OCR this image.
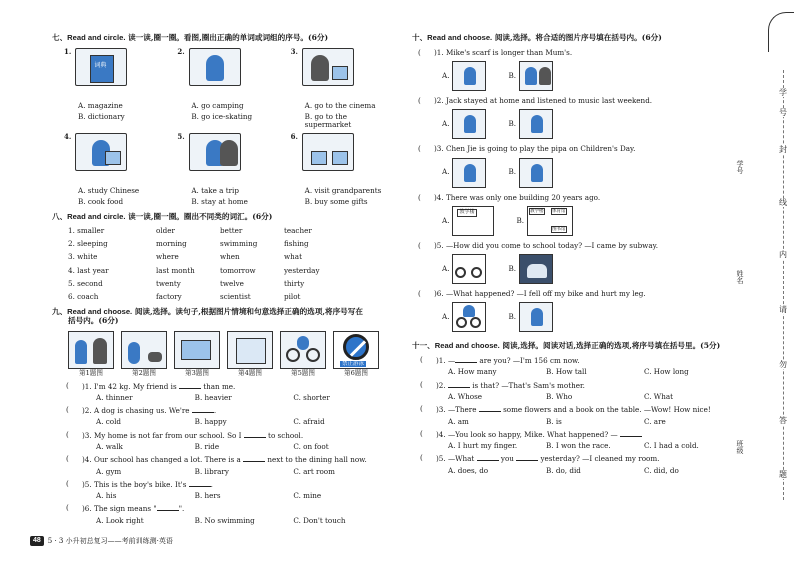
七、Read and circle. 读一读,圈一圈。看图,圈出正确的单词或词组的序号。(6分)
1.
词典
2.	3.
A. magazine	A. go camping	A. go to the cinema
B. dictionary	B. go ice-skating	B. go to the supermarket
4.	5.	6.
A. study Chinese	A. take a trip	A. visit grandparents
B. cook food	B. stay at home	B. buy some gifts
八、Read and circle. 读一读,圈一圈。圈出不同类的词汇。(6分)
1. smaller	older	better	teacher
2. sleeping	morning	swimming	fishing
3. white	where	when	what
4. last year	last month	tomorrow	yesterday
5. second	twenty	twelve	thirty
6. coach	factory	scientist	pilot
九、Read and choose. 阅读,选择。读句子,根据图片情境和句意选择正确的选项,将序号写在
括号内。(6分)
第1题图	第2题图	第3题图	第4题图	第5题图
禁止游泳
第6题图
(	)1. I'm 42 kg. My friend is	than me.
A. thinner	B. heavier	C. shorter
(	)2. A dog is chasing us. We're	.
A. cold	B. happy	C. afraid
(	)3. My home is not far from our school. So I	to school.
A. walk	B. ride	C. on foot
(	)4. Our school has changed a lot. There is a	next to the dining hall now.
A. gym	B. library	C. art room
(	)5. This is the boy's bike. It's	.
A. his	B. hers	C. mine
(	)6. The sign means "	".
A. Look right	B. No swimming	C. Don't touch
十、Read and choose. 阅读,选择。将合适的图片序号填在括号内。(6分)
(	)1. Mike's scarf is longer than Mum's.
A.	B.
(	)2. Jack stayed at home and listened to music last weekend.
A.	B.
(	)3. Chen Jie is going to play the pipa on Children's Day.
A.	B.
(	)4. There was only one building 20 years ago.
A.
教学楼
B.
教学楼 体育馆
图书馆
(	)5. —How did you come to school today? —I came by subway.
A.	B.
(	)6. —What happened? —I fell off my bike and hurt my leg.
A.	B.
十一、Read and choose. 阅读,选择。阅读对话,选择正确的选项,将序号填在括号里。(5分)
(	)1. —	are you? —I'm 156 cm now.
A. How many	B. How tall	C. How long
(	)2.	is that? —That's Sam's mother.
A. Whose	B. Who	C. What
(	)3. —There	some flowers and a book on the table. —Wow! How nice!
A. am	B. is	C. are
(	)4. —You look so happy, Mike. What happened? —
A. I hurt my finger.	B. I won the race.	C. I had a cold.
(	)5. —What	you	yesterday? —I cleaned my room.
A. does, do	B. do, did	C. did, do
48	5 · 3 小升初总复习——考前训练测·英语
学
号
封
线
内
请
勿
答
题
学号
姓名
班级
